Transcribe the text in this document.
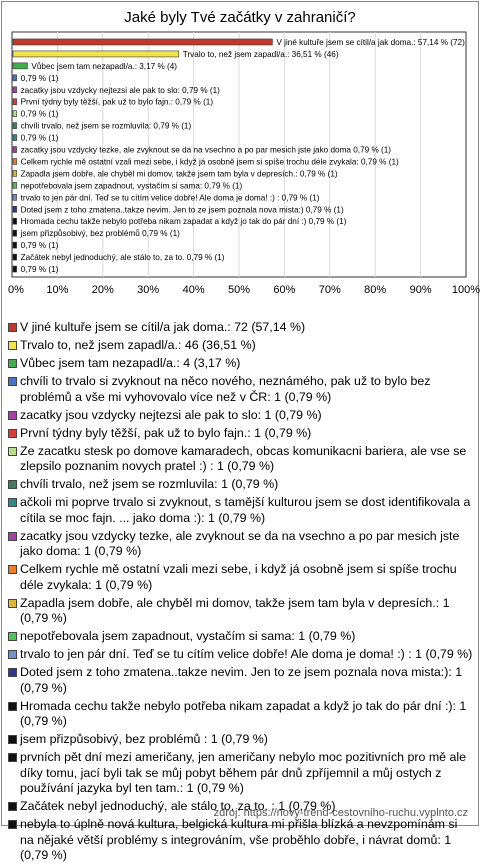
Jaké byly Tvé začátky v zahraničí?
0% 10% 20% 30% 40% 50% 60% 70% 80% 90% 100%
V jiné kultuře jsem se cítil/a jak doma.: 57,14 % (72)
Trvalo to, než jsem zapadl/a.: 36,51 % (46)
Vůbec jsem tam nezapadl/a.: 3,17 % (4)
0,79 % (1)
zacatky jsou vzdycky nejtezsi ale pak to slo: 0,79 % (1)
První týdny byly těžší, pak už to bylo fajn.: 0,79 % (1)
0,79 % (1)
chvíli trvalo, než jsem se rozmluvila: 0,79 % (1)
0,79 % (1)
zacatky jsou vzdycky tezke, ale zvyknout se da na vsechno a po par mesich jste jako doma 0,79 % (1)
Celkem rychle mě ostatní vzali mezi sebe, i když já osobně jsem si spíše trochu déle zvykala: 0,79 % (1)
Zapadla jsem dobře, ale chyběl mi domov, takže jsem tam byla v depresích.: 0,79 % (1)
nepotřebovala jsem zapadnout, vystačím si sama: 0,79 % (1)
trvalo to jen pár dní. Teď se tu cítím velice dobře! Ale doma je doma! :) : 0,79 % (1)
Doted jsem z toho zmatena..takze nevim. Jen to ze jsem poznala nova mista:) 0,79 % (1)
Hromada cechu takže nebylo potřeba nikam zapadat a když jo tak do pár dní :) 0,79 % (1)
jsem přizpůsobivý, bez problémů 0,79 % (1)
0,79 % (1)
Začátek nebyl jednoduchý, ale stálo to, za to. 0,79 % (1)
0,79 % (1)
V jiné kultuře jsem se cítil/a jak doma.: 72 (57,14 %)
Trvalo to, než jsem zapadl/a.: 46 (36,51 %)
Vůbec jsem tam nezapadl/a.: 4 (3,17 %)
chvíli to trvalo si zvyknout na něco nového, neznámého, pak už to bylo bez problémů a vše mi vyhovovalo více než v ČR: 1 (0,79 %)
zacatky jsou vzdycky nejtezsi ale pak to slo: 1 (0,79 %)
První týdny byly těžší, pak už to bylo fajn.: 1 (0,79 %)
Ze zacatku stesk po domove kamaradech, obcas komunikacni bariera, ale vse se zlepsilo poznanim novych pratel :) : 1 (0,79 %)
chvíli trvalo, než jsem se rozmluvila: 1 (0,79 %)
ačkoli mi poprve trvalo si zvyknout, s tamější kulturou jsem se dost identifikovala a cítila se moc fajn. ... jako doma :): 1 (0,79 %)
zacatky jsou vzdycky tezke, ale zvyknout se da na vsechno a po par mesich jste jako doma: 1 (0,79 %)
Celkem rychle mě ostatní vzali mezi sebe, i když já osobně jsem si spíše trochu déle zvykala: 1 (0,79 %)
Zapadla jsem dobře, ale chyběl mi domov, takže jsem tam byla v depresích.: 1 (0,79 %)
nepotřebovala jsem zapadnout, vystačím si sama: 1 (0,79 %)
trvalo to jen pár dní. Teď se tu cítím velice dobře! Ale doma je doma! :) : 1 (0,79 %)
Doted jsem z toho zmatena..takze nevim. Jen to ze jsem poznala nova mista:): 1 (0,79 %)
Hromada cechu takže nebylo potřeba nikam zapadat a když jo tak do pár dní :): 1 (0,79 %)
jsem přizpůsobivý, bez problémů : 1 (0,79 %)
prvních pět dní mezi američany, jen američany nebylo moc pozitivních pro mě ale díky tomu, jací byli tak se můj pobyt během pár dnů zpříjemnil a můj ostych z používání jazyka byl ten tam.: 1 (0,79 %)
Začátek nebyl jednoduchý, ale stálo to, za to. : 1 (0,79 %)
nebyla to úplně nová kultura, belgická kultura mi přišla blízká a nevzpomínám si na nějaké větší problémy s integrováním, vše proběhlo dobře, i návrat domů: 1 (0,79 %)
zdroj: https://novy-trend-cestovniho-ruchu.vyplnto.cz
